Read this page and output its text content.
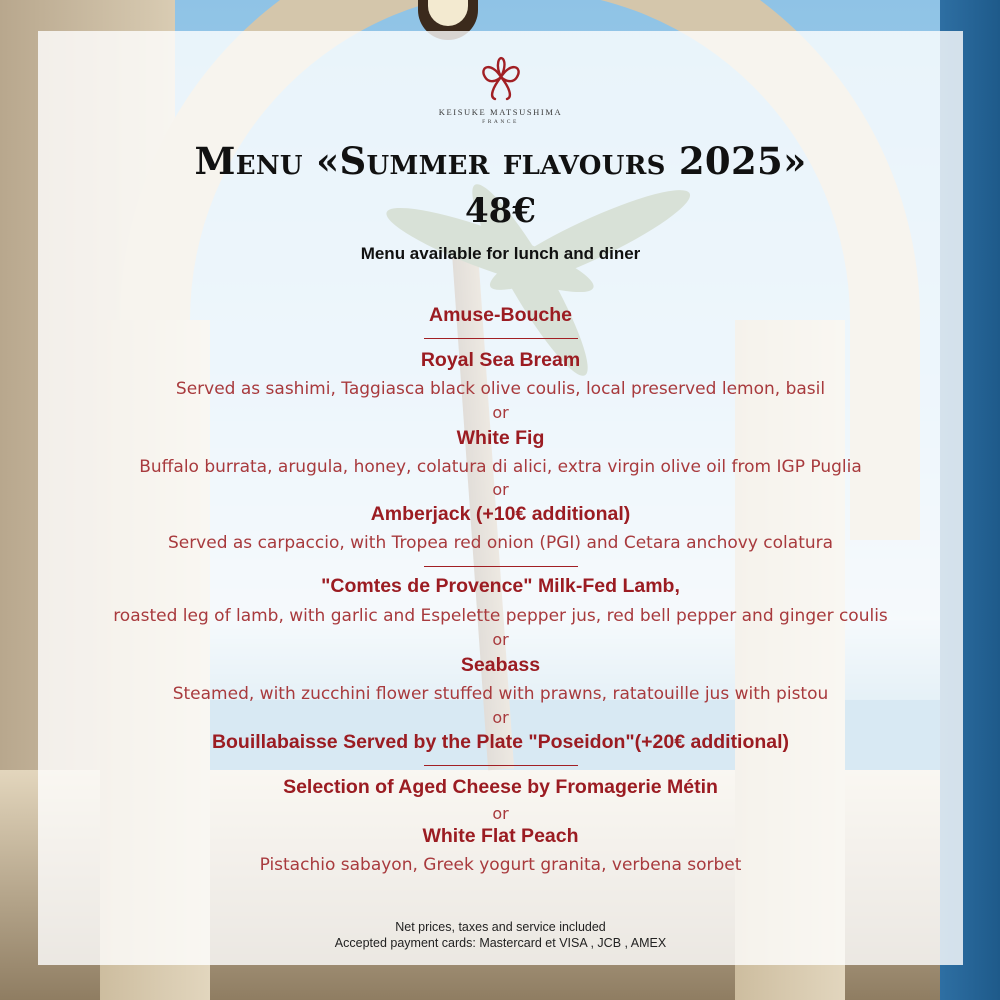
KEISUKE MATSUSHIMA
FRANCE
Menu «Summer flavours 2025»
48€
Menu available for lunch and diner
Amuse-Bouche
Royal Sea Bream
Served as sashimi, Taggiasca black olive coulis, local preserved lemon, basil
or
White Fig
Buffalo burrata, arugula, honey, colatura di alici, extra virgin olive oil from IGP Puglia
or
Amberjack (+10€ additional)
Served as carpaccio, with Tropea red onion (PGI) and Cetara anchovy colatura
"Comtes de Provence" Milk-Fed Lamb,
roasted leg of lamb, with garlic and Espelette pepper jus, red bell pepper and ginger coulis
or
Seabass
Steamed, with zucchini flower stuffed with prawns, ratatouille jus with pistou
or
Bouillabaisse Served by the Plate "Poseidon"(+20€ additional)
Selection of Aged Cheese by Fromagerie Métin
or
White Flat Peach
Pistachio sabayon, Greek yogurt granita, verbena sorbet
Net prices, taxes and service included
Accepted payment cards: Mastercard et VISA , JCB , AMEX
